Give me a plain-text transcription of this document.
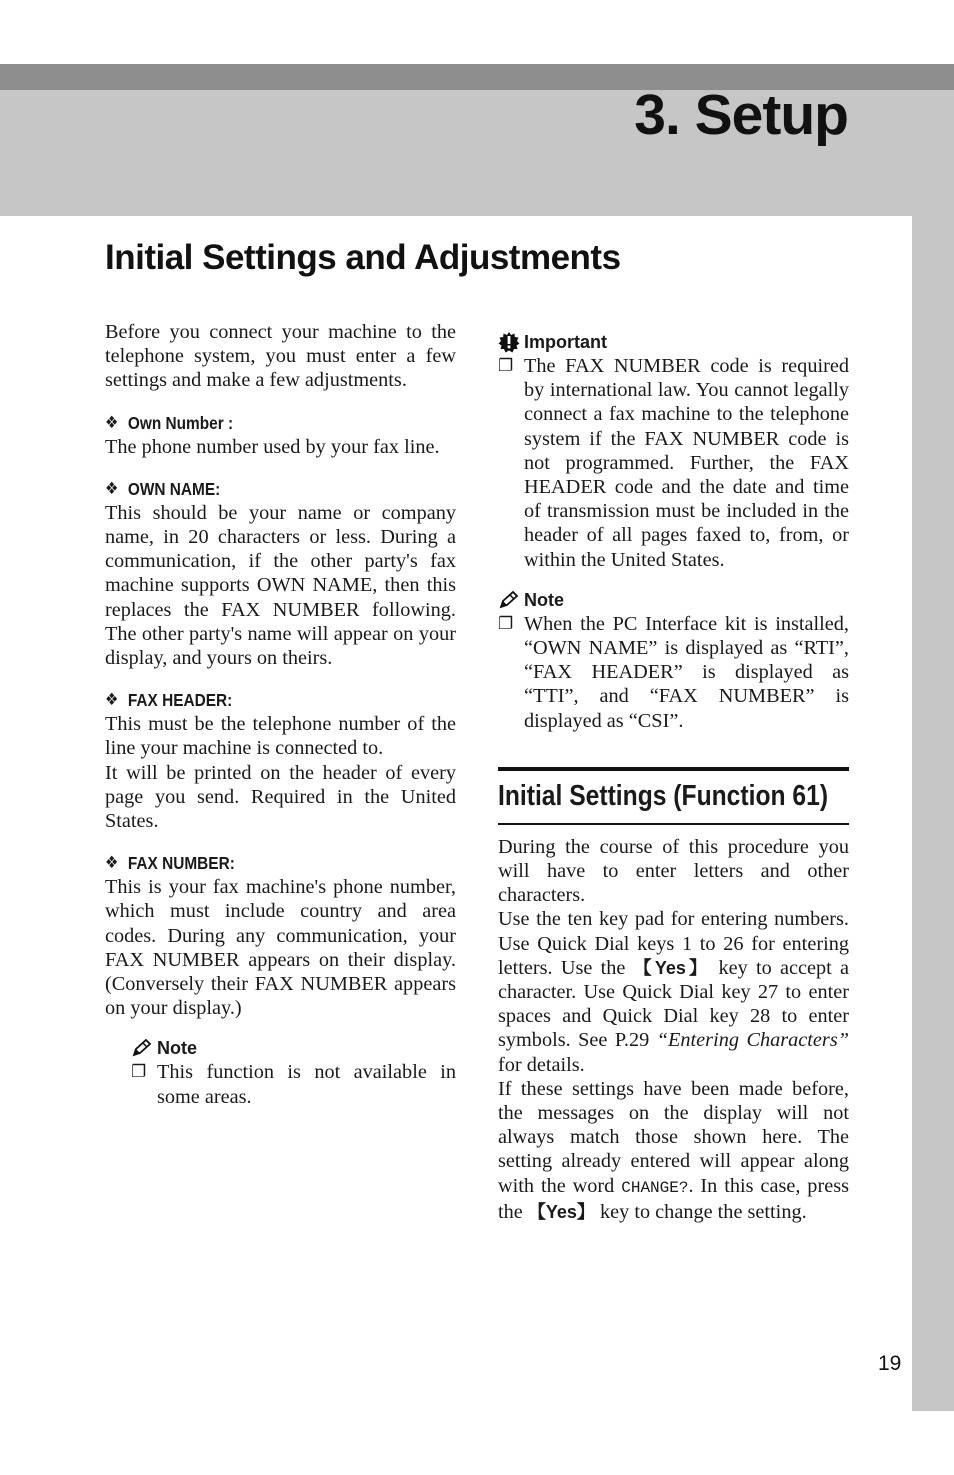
3. Setup
Initial Settings and Adjustments

Before you connect your machine to the telephone system, you must enter a few settings and make a few adjustments.

❖ Own Number :

The phone number used by your fax line.

❖ OWN NAME:

This should be your name or company name, in 20 characters or less. During a communication, if the other party's fax machine supports OWN NAME, then this replaces the FAX NUMBER following. The other party's name will appear on your display, and yours on theirs.

❖ FAX HEADER:

This must be the telephone number of the line your machine is connected to.

It will be printed on the header of every page you send. Required in the United States.

❖ FAX NUMBER:

This is your fax machine's phone number, which must include country and area codes. During any communication, your FAX NUMBER appears on their display. (Conversely their FAX NUMBER appears on your display.)

Note
❐ This function is not available in some areas.

Important
❐ The FAX NUMBER code is required by international law. You cannot legally connect a fax machine to the telephone system if the FAX NUMBER code is not programmed. Further, the FAX HEADER code and the date and time of transmission must be included in the header of all pages faxed to, from, or within the United States.

Note
❐ When the PC Interface kit is installed, “OWN NAME” is displayed as “RTI”, “FAX HEADER” is displayed as “TTI”, and “FAX NUMBER” is displayed as “CSI”.

Initial Settings (Function 61)

During the course of this procedure you will have to enter letters and other characters.

Use the ten key pad for entering numbers. Use Quick Dial keys 1 to 26 for entering letters. Use the 【Yes】 key to accept a character. Use Quick Dial key 27 to enter spaces and Quick Dial key 28 to enter symbols. See P.29 “Entering Characters” for details.

If these settings have been made before, the messages on the display will not always match those shown here. The setting already entered will appear along with the word CHANGE?. In this case, press the 【Yes】 key to change the setting.

19
